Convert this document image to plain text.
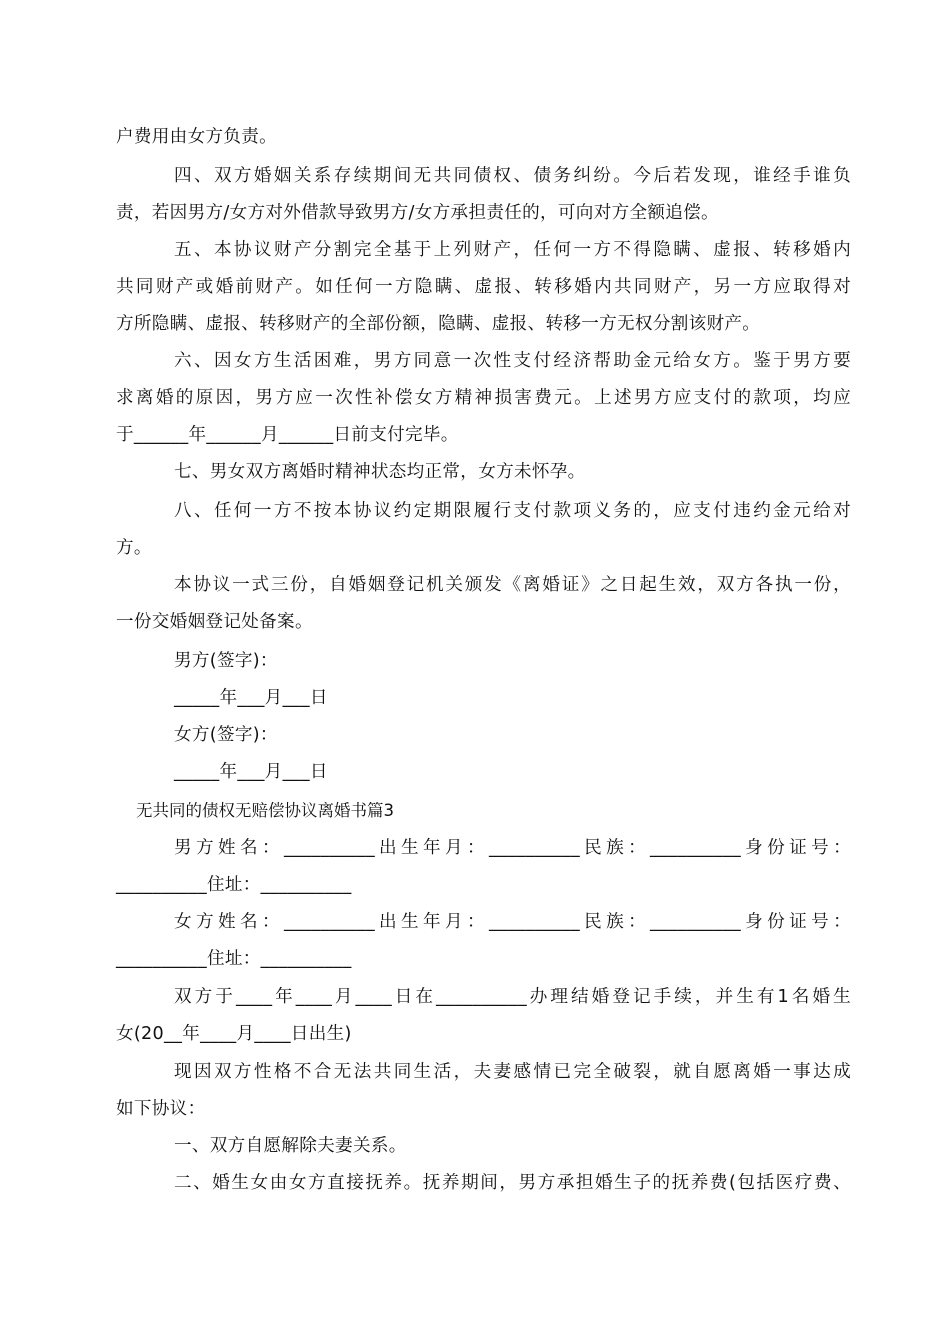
户费用由女方负责。
四、双方婚姻关系存续期间无共同债权、债务纠纷。今后若发现，谁经手谁负
责，若因男方/女方对外借款导致男方/女方承担责任的，可向对方全额追偿。
五、本协议财产分割完全基于上列财产，任何一方不得隐瞒、虚报、转移婚内
共同财产或婚前财产。如任何一方隐瞒、虚报、转移婚内共同财产，另一方应取得对
方所隐瞒、虚报、转移财产的全部份额，隐瞒、虚报、转移一方无权分割该财产。
六、因女方生活困难，男方同意一次性支付经济帮助金元给女方。鉴于男方要
求离婚的原因，男方应一次性补偿女方精神损害费元。上述男方应支付的款项，均应
于______年______月______日前支付完毕。
七、男女双方离婚时精神状态均正常，女方未怀孕。
八、任何一方不按本协议约定期限履行支付款项义务的，应支付违约金元给对
方。
本协议一式三份，自婚姻登记机关颁发《离婚证》之日起生效，双方各执一份，
一份交婚姻登记处备案。
男方(签字)：
_____年___月___日
女方(签字)：
_____年___月___日
无共同的债权无赔偿协议离婚书篇3
男方姓名：__________出生年月：__________民族：__________身份证号：
__________住址：__________
女方姓名：__________出生年月：__________民族：__________身份证号：
__________住址：__________
双方于____年____月____日在__________办理结婚登记手续，并生有1名婚生
女(20__年____月____日出生)
现因双方性格不合无法共同生活，夫妻感情已完全破裂，就自愿离婚一事达成
如下协议：
一、双方自愿解除夫妻关系。
二、婚生女由女方直接抚养。抚养期间，男方承担婚生子的抚养费(包括医疗费、
